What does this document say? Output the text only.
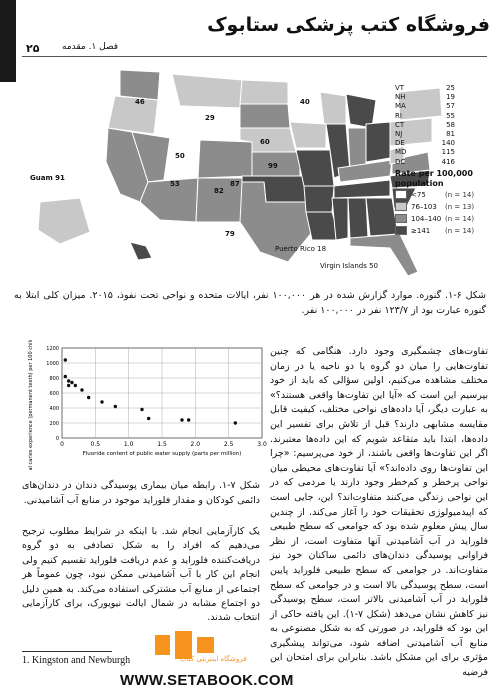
فروشگاه کتب پزشکی ستابوک
۲۵	فصل ۱. مقدمه
46
29
50
53
82
87
99
60
40
79
Guam 91
Puerto Rico 18
Virgin Islands 50
VT	25
NH	19
MA	57
RI	55
CT	58
NJ	81
DE	140
MD	115
DC	416
Rate per 100,000 population
<75	(n = 14)
76–103	(n = 13)
104–140 (n = 14)
≥141	(n = 14)
شکل ۶-۱. گنوره. موارد گزارش شده در هر ۱۰۰,۰۰۰ نفر، ایالات متحده و نواحی تحت نفوذ، ۲۰۱۵. میزان کلی ابتلا به گنوره عبارت بود از ۱۲۳/۷ نفر در ۱۰۰,۰۰۰ نفر.
0
200
400
600
800
1000
1200
0	0.5	1.0	1.5	2.0	2.5	3.0
Fluoride content of public water supply (parts per million)
Dental caries experience (permanent teeth) per 100 children examined
شکل ۷-۱. رابطه میان بیماری پوسیدگی دندان در دندان‌های دائمی کودکان و مقدار فلوراید موجود در منابع آب آشامیدنی.
یک کارآزمایی انجام شد. با اینکه در شرایط مطلوب ترجیح می‌دهیم که افراد را به شکل تصادفی به دو گروه دریافت‌کننده فلوراید و عدم دریافت فلوراید تقسیم کنیم ولی انجام این کار با آب آشامیدنی ممکن نبود، چون عموماً هر اجتماعی از منابع آب مشترکی استفاده می‌کند. به همین دلیل دو اجتماع مشابه در شمال ایالت نیویورک، برای کارآزمایی انتخاب شدند.
تفاوت‌های چشمگیری وجود دارد. هنگامی که چنین تفاوت‌هایی را میان دو گروه یا دو ناحیه یا در زمان مختلف مشاهده می‌کنیم، اولین سؤالی که باید از خود بپرسیم این است که «آیا این تفاوت‌ها واقعی هستند؟» به عبارت دیگر، آیا داده‌های نواحی مختلف، کیفیت قابل مقایسه مشابهی دارند؟ قبل از تلاش برای تفسیر این داده‌ها، ابتدا باید متقاعد شویم که این داده‌ها معتبرند. اگر این تفاوت‌ها واقعی باشند، از خود می‌پرسیم: «چرا این تفاوت‌ها روی داده‌اند؟» آیا تفاوت‌های محیطی میان نواحی پرخطر و کم‌خطر وجود دارند یا مردمی که در این نواحی زندگی می‌کنند متفاوت‌اند؟ این، جایی است که اپیدمیولوژی تحقیقات خود را آغاز می‌کند. از چندین سال پیش معلوم شده بود که جوامعی که سطح طبیعی فلوراید در آب آشامیدنی آنها متفاوت است، از نظر فراوانی پوسیدگی دندان‌های دائمی ساکنان خود نیز متفاوت‌اند. در جوامعی که سطح طبیعی فلوراید پایین است، سطح پوسیدگی بالا است و در جوامعی که سطح فلوراید در آب آشامیدنی بالاتر است، سطح پوسیدگی نیز کاهش نشان می‌دهد (شکل ۷-۱). این یافته حاکی از این بود که فلوراید، در صورتی که به شکل مصنوعی به منابع آب آشامیدنی اضافه شود، می‌تواند پیشگیری مؤثری برای این مشکل باشد. بنابراین برای امتحان این فرضیه
1. Kingston and Newburgh	فروشگاه اینترنتی کتاب
WWW.SETABOOK.COM
